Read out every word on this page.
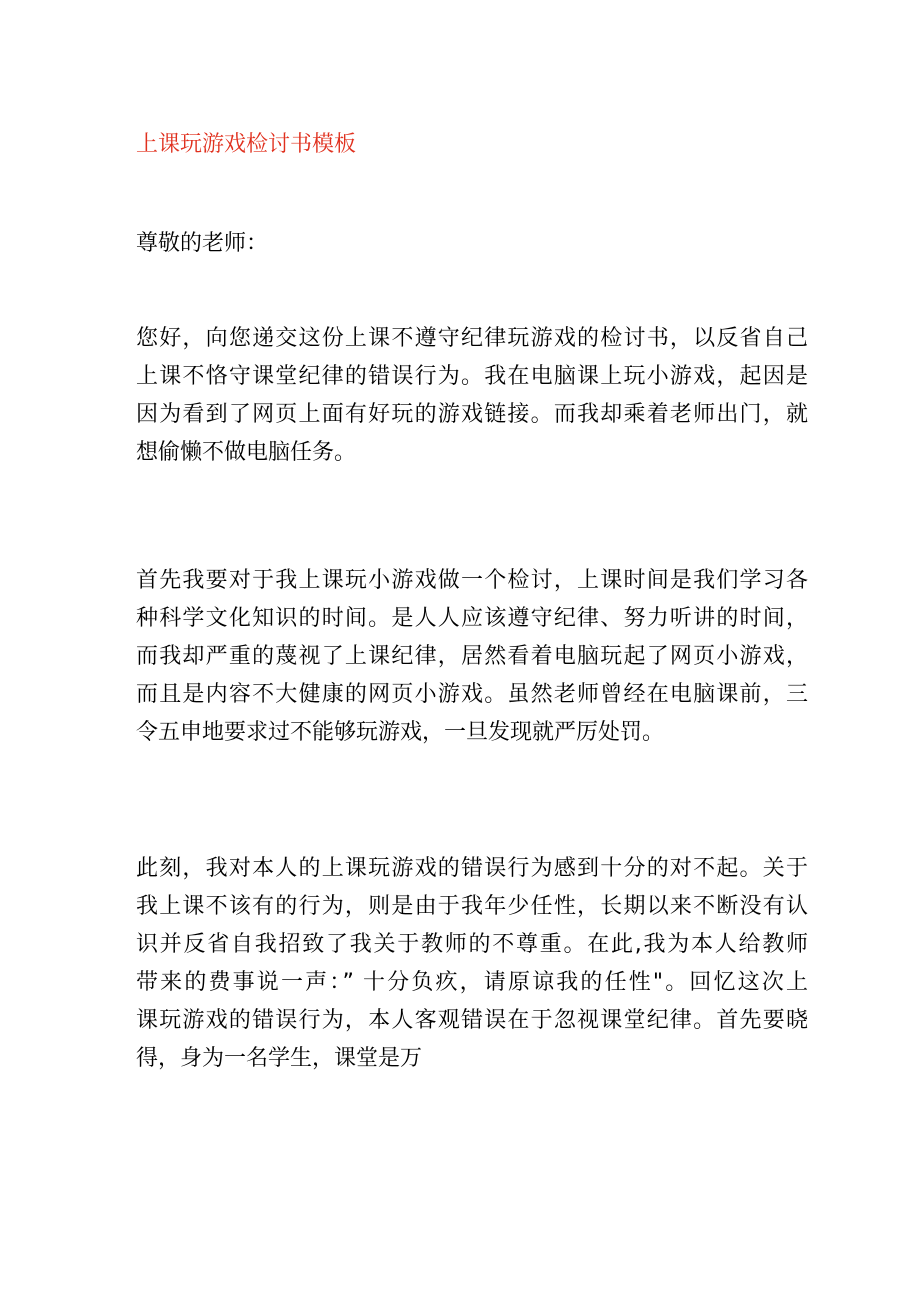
上课玩游戏检讨书模板

尊敬的老师：

您好，向您递交这份上课不遵守纪律玩游戏的检讨书，以反省自己
上课不恪守课堂纪律的错误行为。我在电脑课上玩小游戏，起因是
因为看到了网页上面有好玩的游戏链接。而我却乘着老师出门，就
想偷懒不做电脑任务。
首先我要对于我上课玩小游戏做一个检讨，上课时间是我们学习各
种科学文化知识的时间。是人人应该遵守纪律、努力听讲的时间，
而我却严重的蔑视了上课纪律，居然看着电脑玩起了网页小游戏，
而且是内容不大健康的网页小游戏。虽然老师曾经在电脑课前，三
令五申地要求过不能够玩游戏，一旦发现就严厉处罚。
此刻，我对本人的上课玩游戏的错误行为感到十分的对不起。关于
我上课不该有的行为，则是由于我年少任性，长期以来不断没有认
识并反省自我招致了我关于教师的不尊重。在此,我为本人给教师
带来的费事说一声：” 十分负疚，请原谅我的任性"。回忆这次上
课玩游戏的错误行为，本人客观错误在于忽视课堂纪律。首先要晓
得，身为一名学生，课堂是万
